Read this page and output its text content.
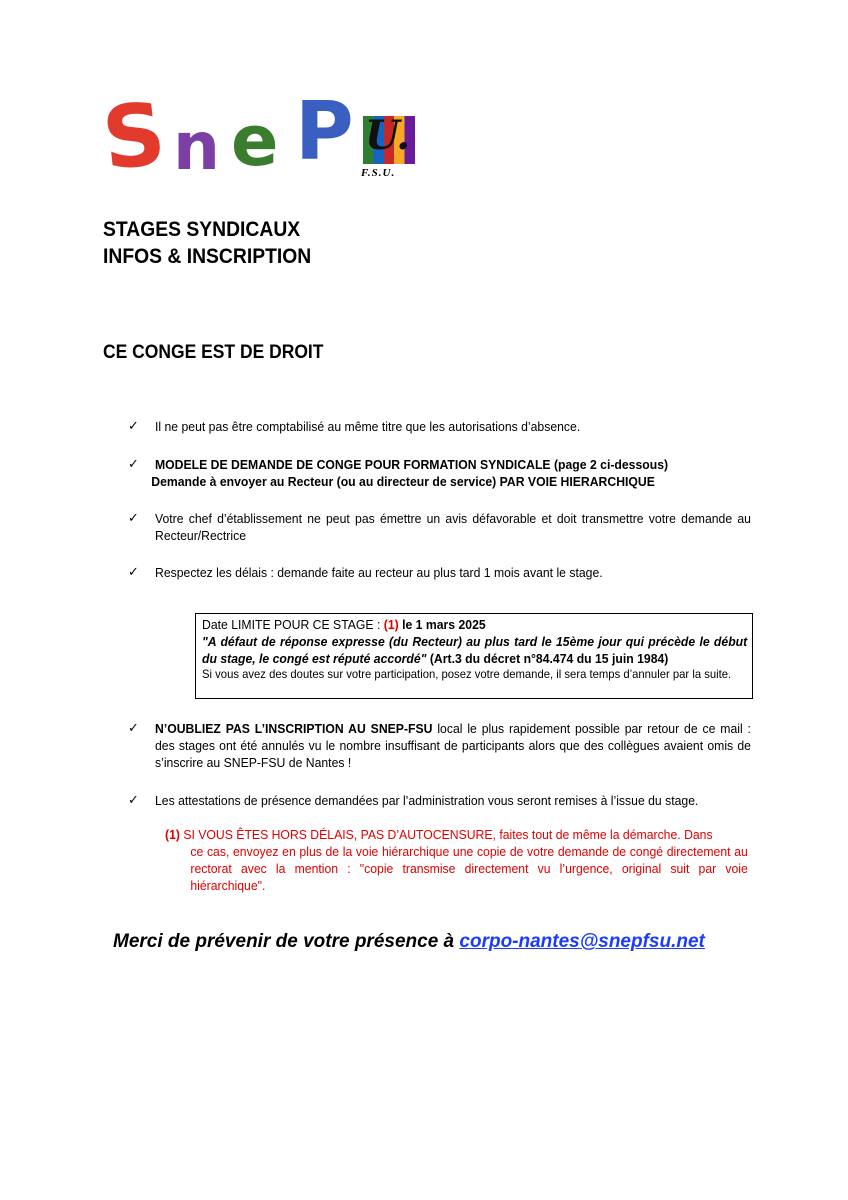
S n e P U.
F.S.U.
STAGES SYNDICAUX
INFOS & INSCRIPTION
CE CONGE EST DE DROIT
✓ Il ne peut pas être comptabilisé au même titre que les autorisations d’absence.
✓ MODELE DE DEMANDE DE CONGE POUR FORMATION SYNDICALE (page 2 ci-dessous)
Demande à envoyer au Recteur (ou au directeur de service) PAR VOIE HIERARCHIQUE
✓ Votre chef d’établissement ne peut pas émettre un avis défavorable et doit transmettre votre demande au Recteur/Rectrice
✓ Respectez les délais : demande faite au recteur au plus tard 1 mois avant le stage.
Date LIMITE POUR CE STAGE : (1) le 1 mars 2025
"A défaut de réponse expresse (du Recteur) au plus tard le 15ème jour qui précède le début du stage, le congé est réputé accordé" (Art.3 du décret n°84.474 du 15 juin 1984)
Si vous avez des doutes sur votre participation, posez votre demande, il sera temps d’annuler par la suite.
✓ N’OUBLIEZ PAS L’INSCRIPTION AU SNEP-FSU local le plus rapidement possible par retour de ce mail : des stages ont été annulés vu le nombre insuffisant de participants alors que des collègues avaient omis de s’inscrire au SNEP-FSU de Nantes !
✓ Les attestations de présence demandées par l’administration vous seront remises à l’issue du stage.
(1) SI VOUS ÊTES HORS DÉLAIS, PAS D’AUTOCENSURE, faites tout de même la démarche. Dans
ce cas, envoyez en plus de la voie hiérarchique une copie de votre demande de congé directement au rectorat avec la mention : "copie transmise directement vu l’urgence, original suit par voie hiérarchique".
Merci de prévenir de votre présence à corpo-nantes@snepfsu.net
